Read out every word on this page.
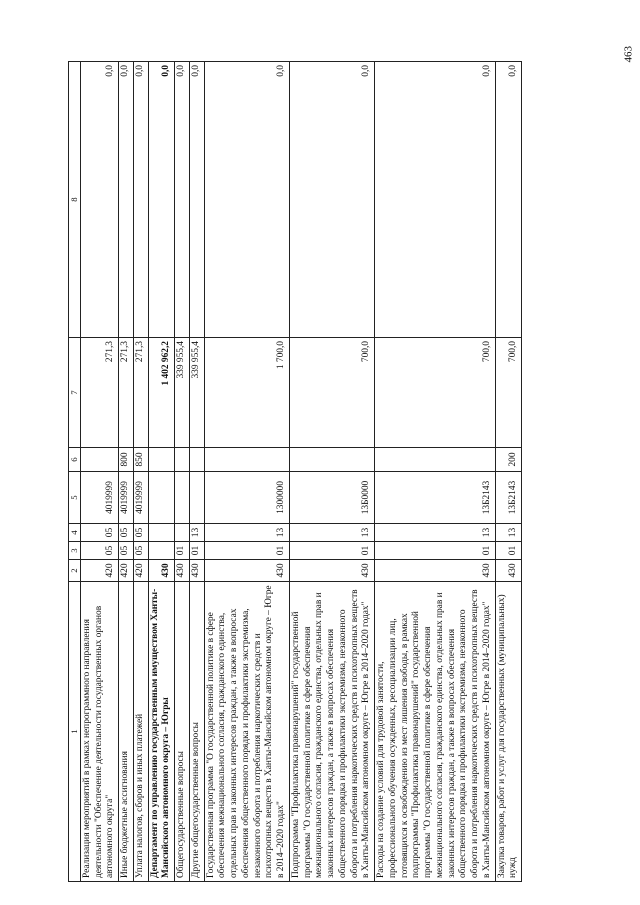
463
1	2	3	4	5	6	7	8
Реализация мероприятий в рамках непрограммного направления деятельности "Обеспечение деятельности государственных органов автономного округа"	420	05	05	4019999		271,3	0,0
Иные бюджетные ассигнования	420	05	05	4019999	800	271,3	0,0
Уплата налогов, сборов и иных платежей	420	05	05	4019999	850	271,3	0,0
Департамент по управлению государственным имуществом Ханты-Мансийского автономного округа – Югры	430					1 402 962,2	0,0
Общегосударственные вопросы	430	01				339 955,4	0,0
Другие общегосударственные вопросы	430	01	13			339 955,4	0,0
Государственная программа "О государственной политике в сфере обеспечения межнационального согласия, гражданского единства, отдельных прав и законных интересов граждан, а также в вопросах обеспечения общественного порядка и профилактики экстремизма, незаконного оборота и потребления наркотических средств и психотропных веществ в Ханты-Мансийском автономном округе – Югре в 2014–2020 годах"	430	01	13	1300000		1 700,0	0,0
Подпрограмма "Профилактика правонарушений" государственной программы "О государственной политике в сфере обеспечения межнационального согласия, гражданского единства, отдельных прав и законных интересов граждан, а также в вопросах обеспечения общественного порядка и профилактики экстремизма, незаконного оборота и потребления наркотических средств и психотропных веществ в Ханты-Мансийском автономном округе – Югре в 2014–2020 годах"	430	01	13	13Б0000		700,0	0,0
Расходы на создание условий для трудовой занятости, профессионального обучения осужденных, ресоциализации лиц, готовящихся к освобождению из мест лишения свободы, в рамках подпрограммы "Профилактика правонарушений" государственной программы "О государственной политике в сфере обеспечения межнационального согласия, гражданского единства, отдельных прав и законных интересов граждан, а также в вопросах обеспечения общественного порядка и профилактики экстремизма, незаконного оборота и потребления наркотических средств и психотропных веществ в Ханты-Мансийском автономном округе – Югре в 2014–2020 годах"	430	01	13	13Б2143		700,0	0,0
Закупка товаров, работ и услуг для государственных (муниципальных) нужд	430	01	13	13Б2143	200	700,0	0,0
